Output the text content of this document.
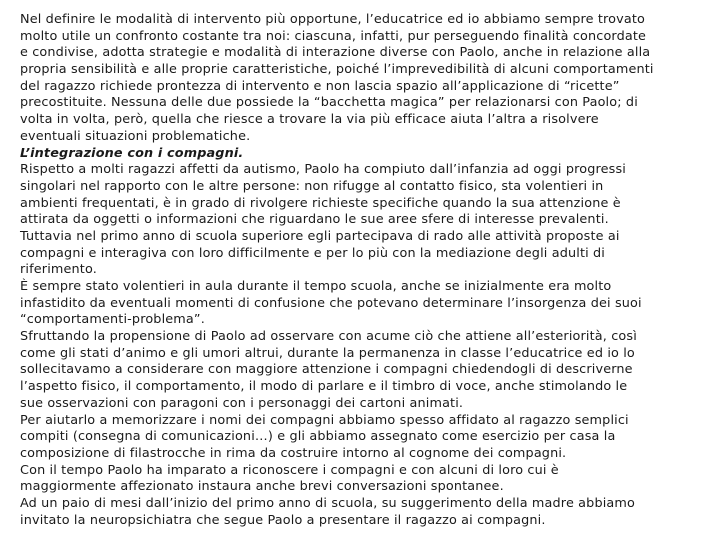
Nel definire le modalità di intervento più opportune, l’educatrice ed io abbiamo sempre trovato
molto utile un confronto costante tra noi: ciascuna, infatti, pur perseguendo finalità concordate
e condivise, adotta strategie e modalità di interazione diverse con Paolo, anche in relazione alla
propria sensibilità e alle proprie caratteristiche, poiché l’imprevedibilità di alcuni comportamenti
del ragazzo richiede prontezza di intervento e non lascia spazio all’applicazione di “ricette”
precostituite. Nessuna delle due possiede la “bacchetta magica” per relazionarsi con Paolo; di
volta in volta, però, quella che riesce a trovare la via più efficace aiuta l’altra a risolvere
eventuali situazioni problematiche.
L’integrazione con i compagni.
Rispetto a molti ragazzi affetti da autismo, Paolo ha compiuto dall’infanzia ad oggi progressi
singolari nel rapporto con le altre persone: non rifugge al contatto fisico, sta volentieri in
ambienti frequentati, è in grado di rivolgere richieste specifiche quando la sua attenzione è
attirata da oggetti o informazioni che riguardano le sue aree sfere di interesse prevalenti.
Tuttavia nel primo anno di scuola superiore egli partecipava di rado alle attività proposte ai
compagni e interagiva con loro difficilmente e per lo più con la mediazione degli adulti di
riferimento.
È sempre stato volentieri in aula durante il tempo scuola, anche se inizialmente era molto
infastidito da eventuali momenti di confusione che potevano determinare l’insorgenza dei suoi
“comportamenti-problema”.
Sfruttando la propensione di Paolo ad osservare con acume ciò che attiene all’esteriorità, così
come gli stati d’animo e gli umori altrui, durante la permanenza in classe l’educatrice ed io lo
sollecitavamo a considerare con maggiore attenzione i compagni chiedendogli di descriverne
l’aspetto fisico, il comportamento, il modo di parlare e il timbro di voce, anche stimolando le
sue osservazioni con paragoni con i personaggi dei cartoni animati.
Per aiutarlo a memorizzare i nomi dei compagni abbiamo spesso affidato al ragazzo semplici
compiti (consegna di comunicazioni…) e gli abbiamo assegnato come esercizio per casa la
composizione di filastrocche in rima da costruire intorno al cognome dei compagni.
Con il tempo Paolo ha imparato a riconoscere i compagni e con alcuni di loro cui è
maggiormente affezionato instaura anche brevi conversazioni spontanee.
Ad un paio di mesi dall’inizio del primo anno di scuola, su suggerimento della madre abbiamo
invitato la neuropsichiatra che segue Paolo a presentare il ragazzo ai compagni.
